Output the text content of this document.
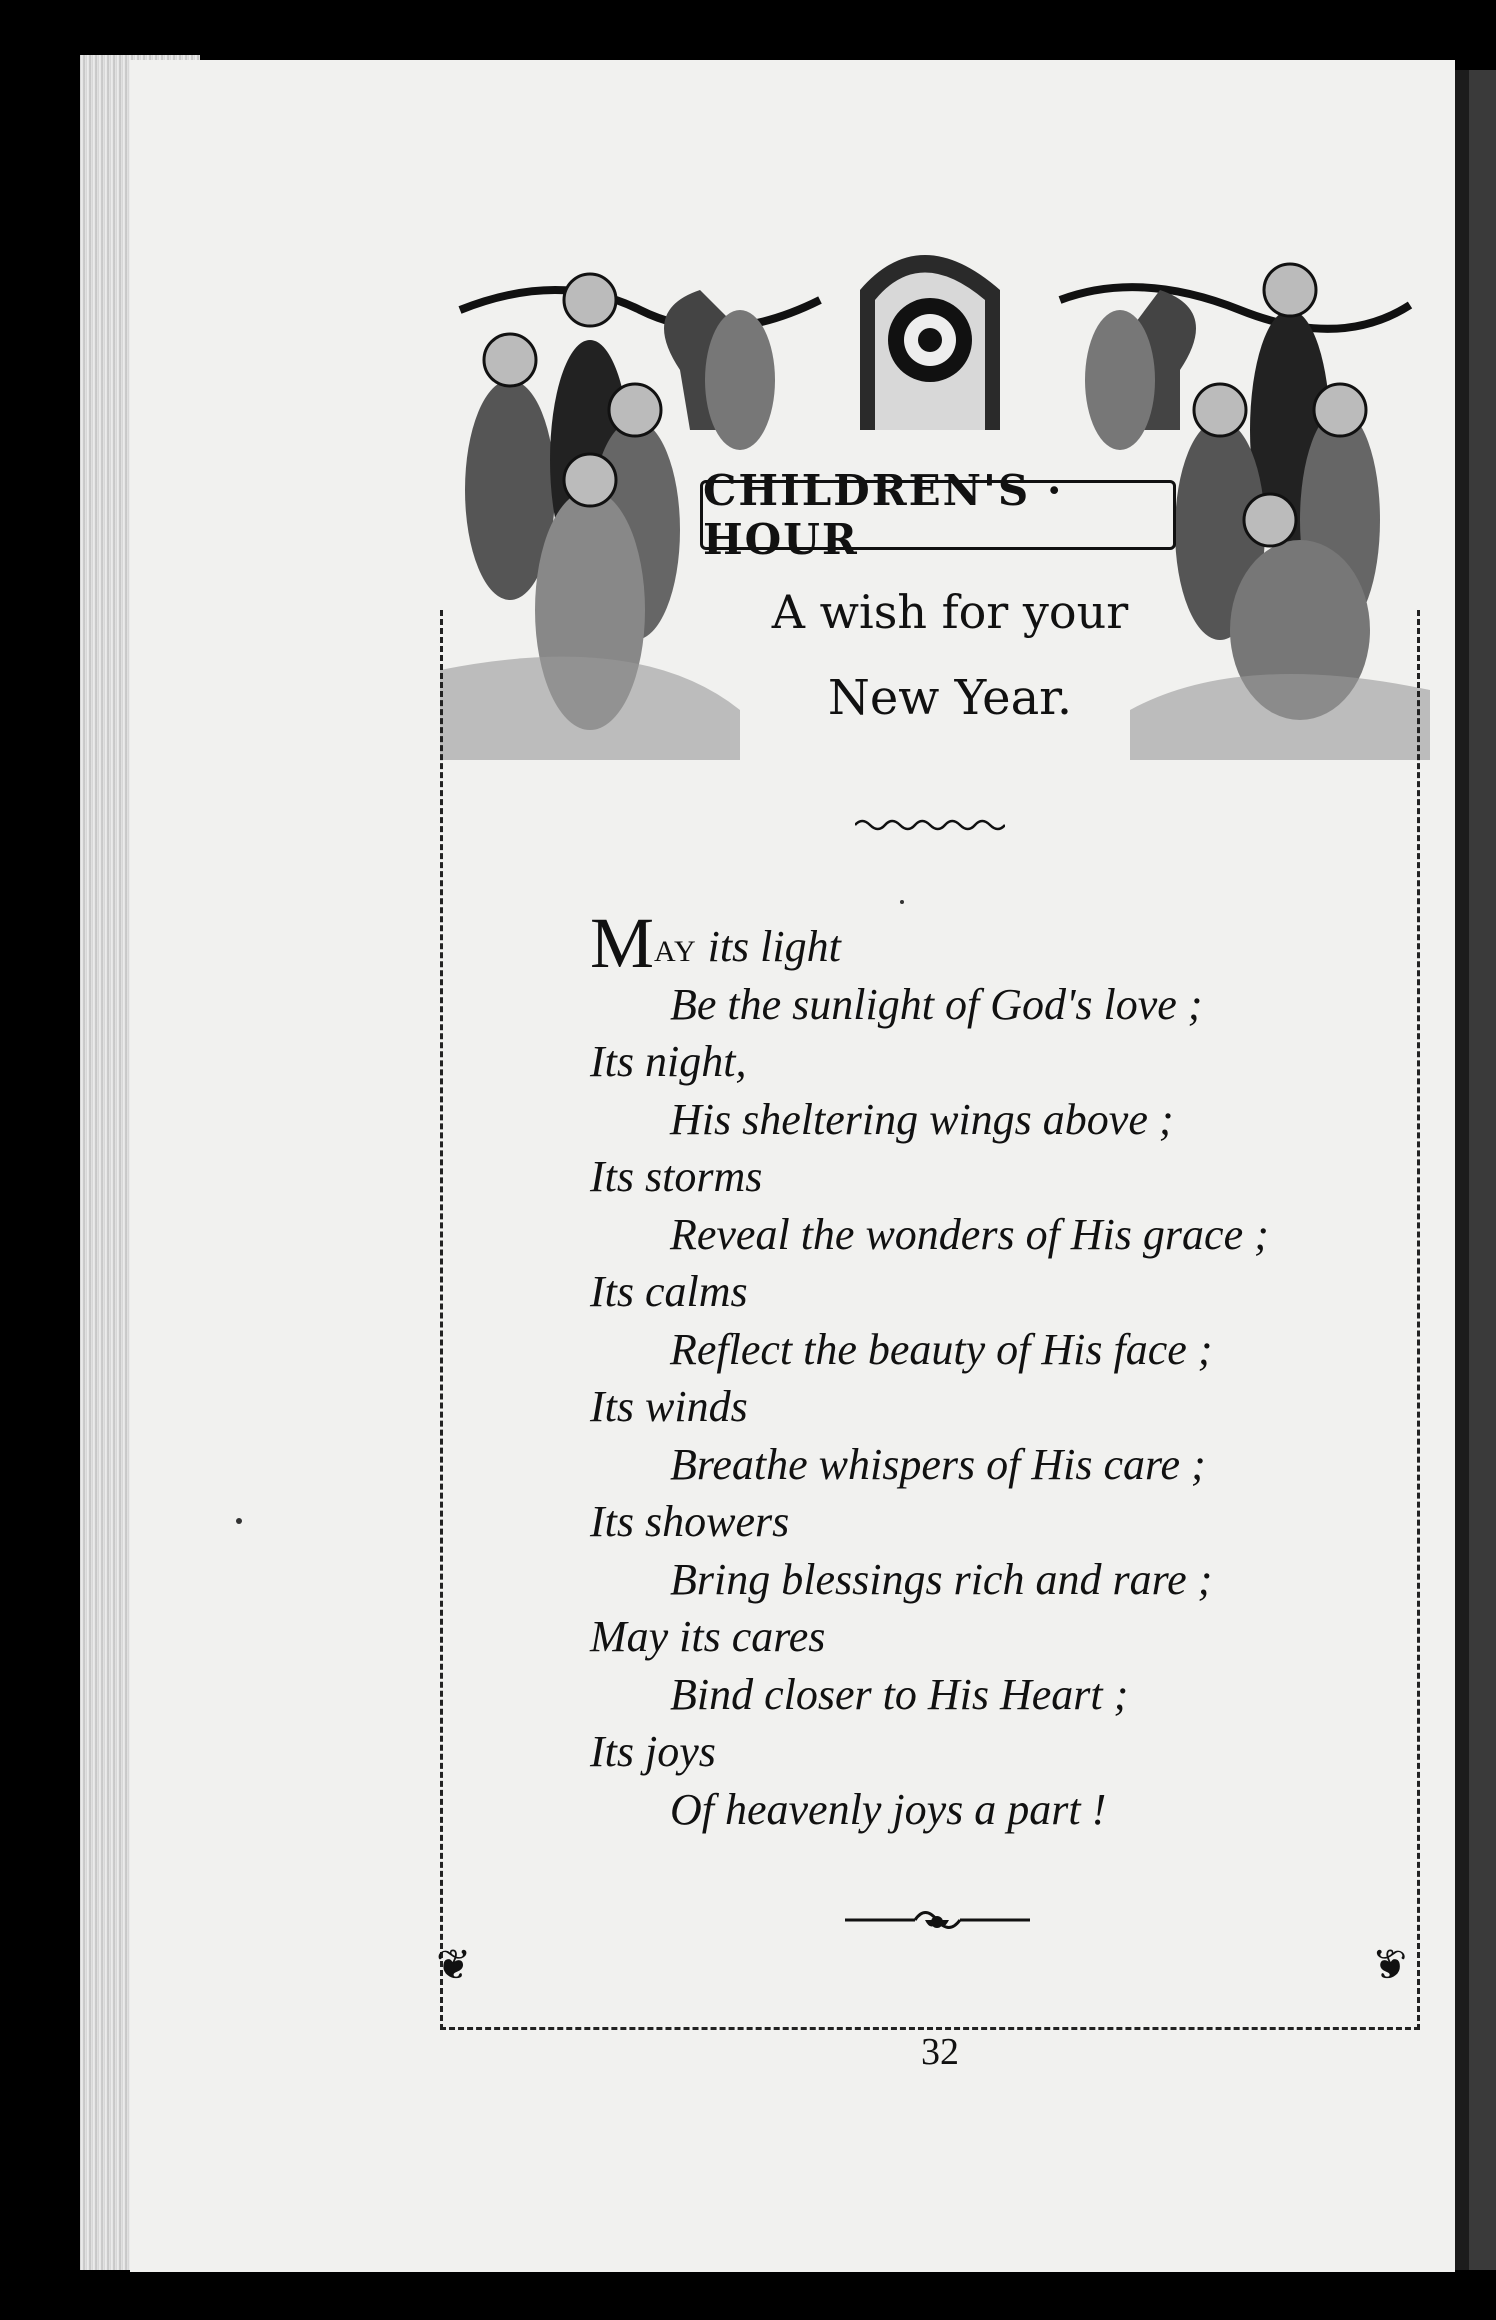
CHILDREN'S · HOUR
A wish for your
New Year.
❦	❦
MAY its light
Be the sunlight of God's love ;
Its night,
His sheltering wings above ;
Its storms
Reveal the wonders of His grace ;
Its calms
Reflect the beauty of His face ;
Its winds
Breathe whispers of His care ;
Its showers
Bring blessings rich and rare ;
May its cares
Bind closer to His Heart ;
Its joys
Of heavenly joys a part !
32
